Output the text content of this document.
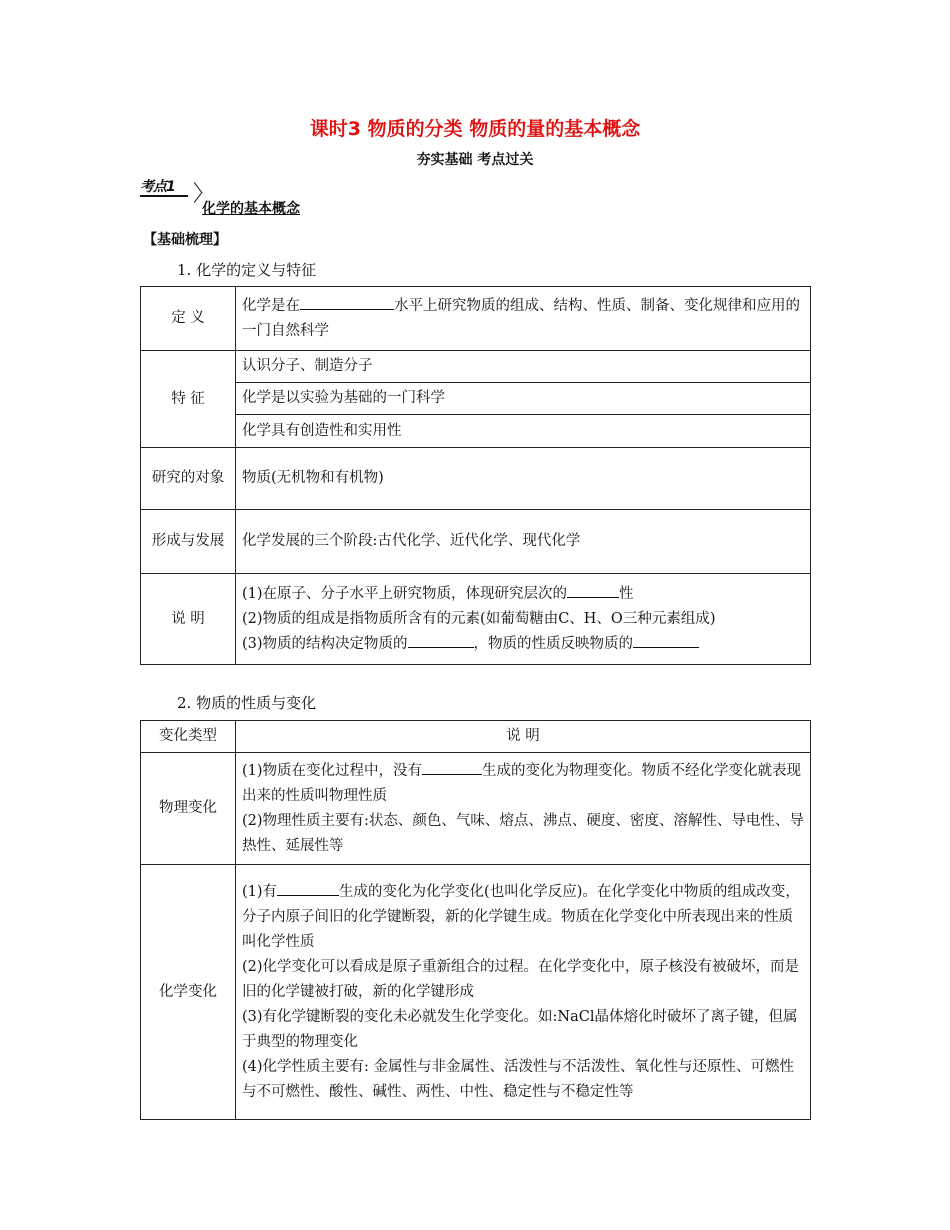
课时3 物质的分类 物质的量的基本概念
夯实基础 考点过关
考点1
化学的基本概念
【基础梳理】
1. 化学的定义与特征
定 义	化学是在 水平上研究物质的组成、结构、性质、制备、变化规律和应用的一门自然科学
特 征	认识分子、制造分子
	化学是以实验为基础的一门科学
	化学具有创造性和实用性
研究的对象	物质(无机物和有机物)
形成与发展	化学发展的三个阶段:古代化学、近代化学、现代化学
说 明	(1)在原子、分子水平上研究物质，体现研究层次的 性
(2)物质的组成是指物质所含有的元素(如葡萄糖由C、H、O三种元素组成)
(3)物质的结构决定物质的 ，物质的性质反映物质的
2. 物质的性质与变化
变化类型	说 明
物理变化	(1)物质在变化过程中，没有 生成的变化为物理变化。物质不经化学变化就表现出来的性质叫物理性质
(2)物理性质主要有:状态、颜色、气味、熔点、沸点、硬度、密度、溶解性、导电性、导热性、延展性等

化学变化	(1)有 生成的变化为化学变化(也叫化学反应)。在化学变化中物质的组成改变，分子内原子间旧的化学键断裂，新的化学键生成。物质在化学变化中所表现出来的性质叫化学性质
(2)化学变化可以看成是原子重新组合的过程。在化学变化中，原子核没有被破坏，而是旧的化学键被打破，新的化学键形成
(3)有化学键断裂的变化未必就发生化学变化。如:NaCl晶体熔化时破坏了离子键，但属于典型的物理变化
(4)化学性质主要有: 金属性与非金属性、活泼性与不活泼性、氧化性与还原性、可燃性与不可燃性、酸性、碱性、两性、中性、稳定性与不稳定性等
